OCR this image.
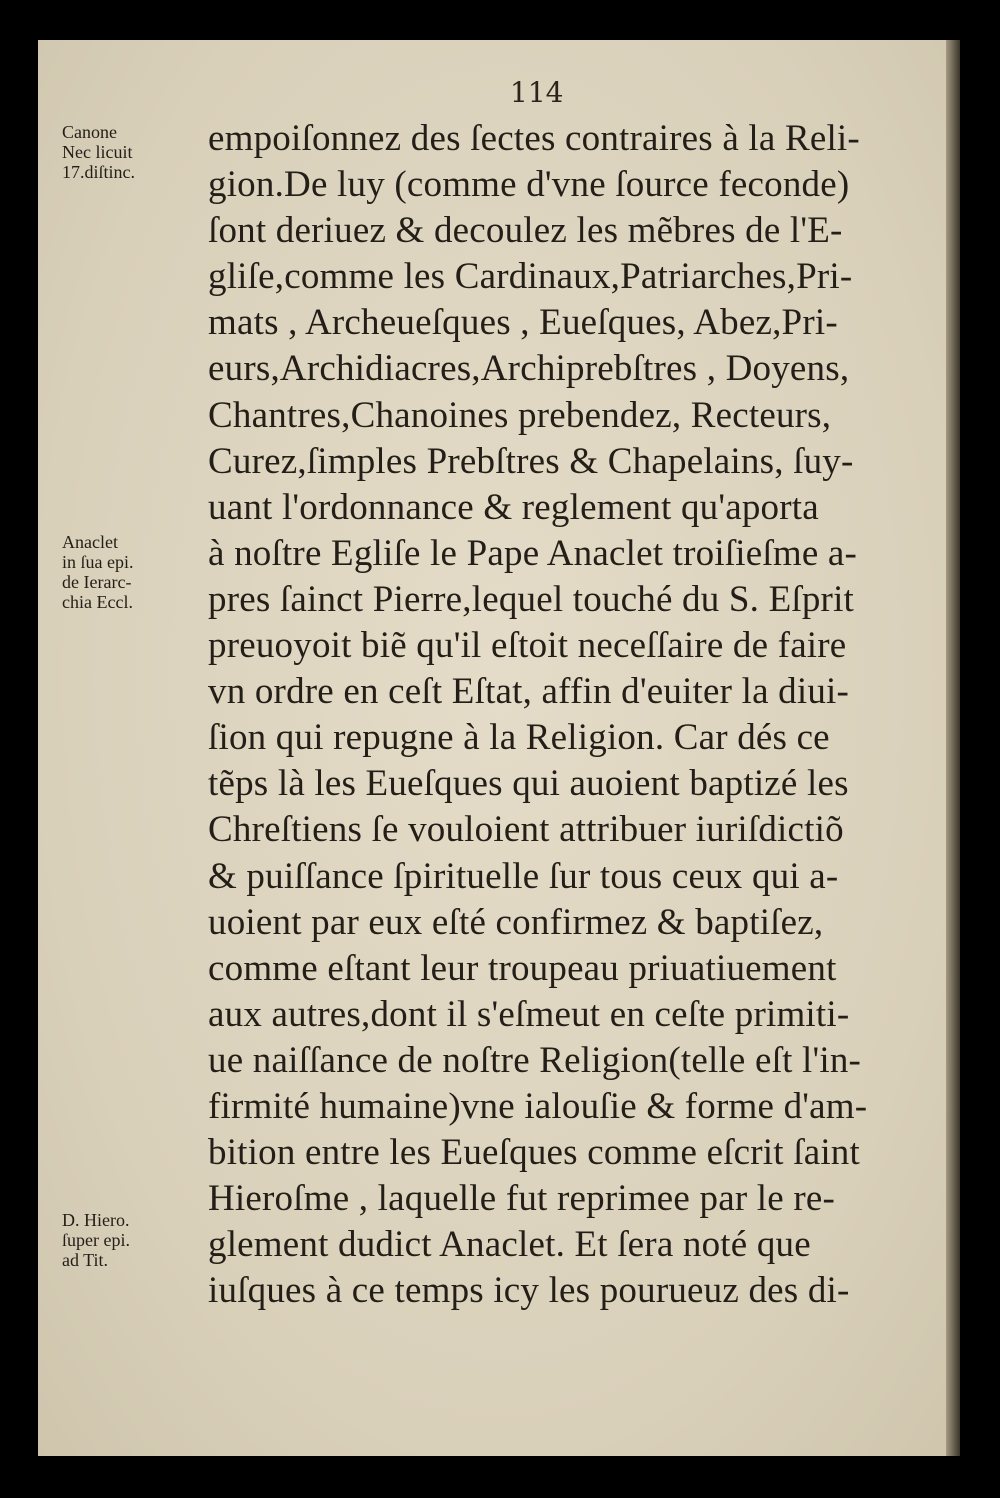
114
Canone
Nec licuit
17.diſtinc.
Anaclet
in ſua epi.
de Ierarc-
chia Eccl.
D. Hiero.
ſuper epi.
ad Tit.
empoiſonnez des ſectes contraires à la Reli-
gion.De luy (comme d'vne ſource feconde)
ſont deriuez & decoulez les mẽbres de l'E-
gliſe,comme les Cardinaux,Patriarches,Pri-
mats , Archeueſques , Eueſques, Abez,Pri-
eurs,Archidiacres,Archiprebſtres , Doyens,
Chantres,Chanoines prebendez, Recteurs,
Curez,ſimples Prebſtres & Chapelains, ſuy-
uant l'ordonnance & reglement qu'aporta
à noſtre Egliſe le Pape Anaclet troiſieſme a-
pres ſainct Pierre,lequel touché du S. Eſprit
preuoyoit biẽ qu'il eſtoit neceſſaire de faire
vn ordre en ceſt Eſtat, affin d'euiter la diui-
ſion qui repugne à la Religion. Car dés ce
tẽps là les Eueſques qui auoient baptizé les
Chreſtiens ſe vouloient attribuer iuriſdictiõ
& puiſſance ſpirituelle ſur tous ceux qui a-
uoient par eux eſté confirmez & baptiſez,
comme eſtant leur troupeau priuatiuement
aux autres,dont il s'eſmeut en ceſte primiti-
ue naiſſance de noſtre Religion(telle eſt l'in-
firmité humaine)vne ialouſie & forme d'am-
bition entre les Eueſques comme eſcrit ſaint
Hieroſme , laquelle fut reprimee par le re-
glement dudict Anaclet. Et ſera noté que
iuſques à ce temps icy les pourueuz des di-
